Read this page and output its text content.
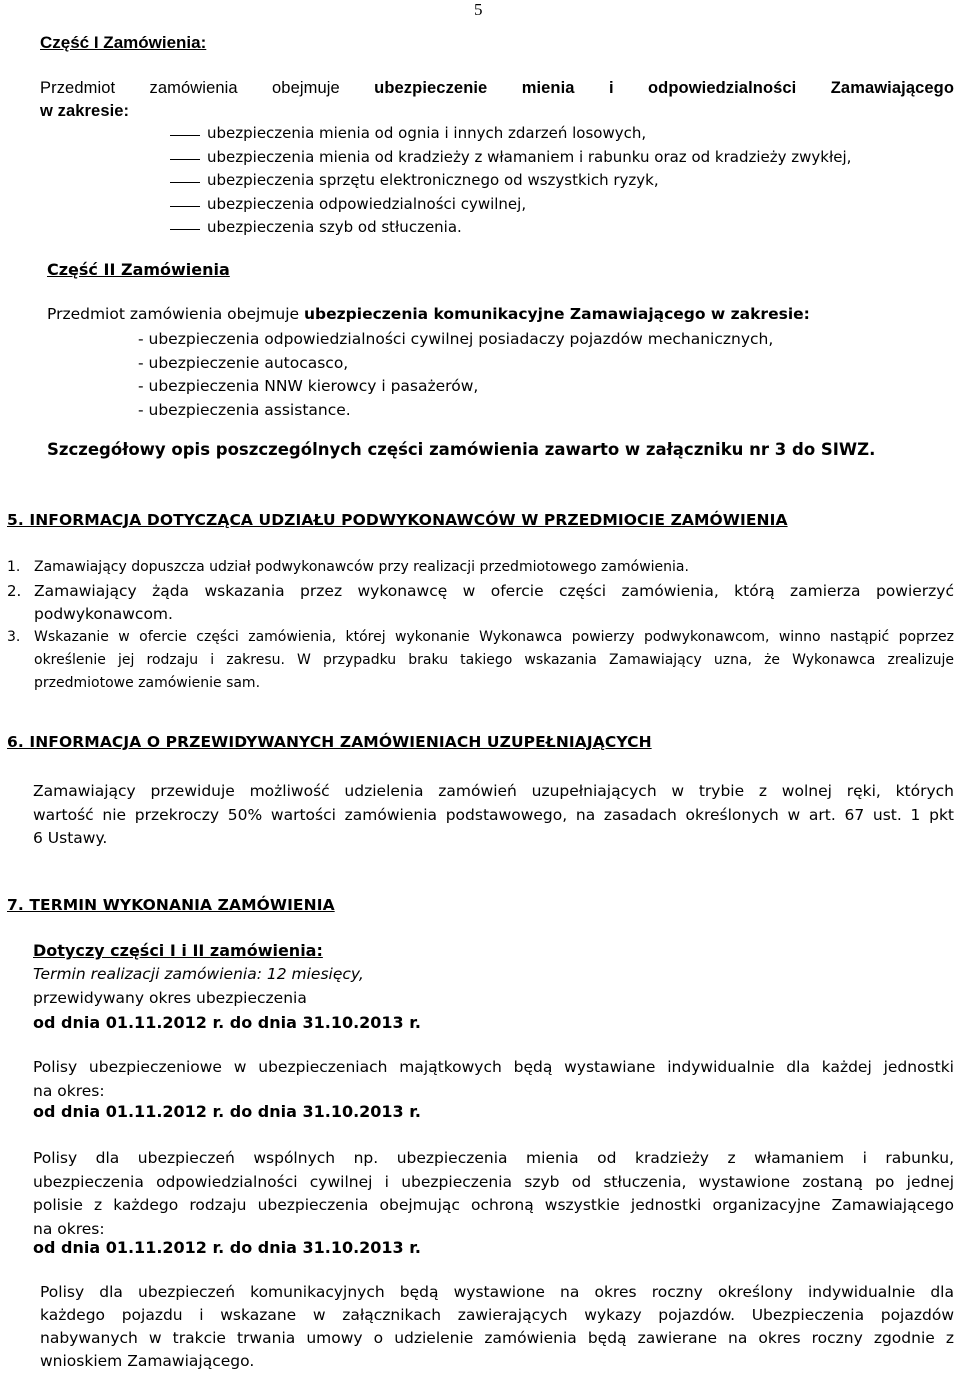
5
Część I Zamówienia:
Przedmiot zamówienia obejmuje ubezpieczenie mienia i odpowiedzialności Zamawiającego
w zakresie:
ubezpieczenia mienia od ognia i innych zdarzeń losowych,
ubezpieczenia mienia od kradzieży z włamaniem i rabunku oraz od kradzieży zwykłej,
ubezpieczenia sprzętu elektronicznego od wszystkich ryzyk,
ubezpieczenia odpowiedzialności cywilnej,
ubezpieczenia szyb od stłuczenia.
Część II Zamówienia
Przedmiot zamówienia obejmuje ubezpieczenia komunikacyjne Zamawiającego w zakresie:
- ubezpieczenia odpowiedzialności cywilnej posiadaczy pojazdów mechanicznych,
- ubezpieczenie autocasco,
- ubezpieczenia NNW kierowcy i pasażerów,
- ubezpieczenia assistance.
Szczegółowy opis poszczególnych części zamówienia zawarto w załączniku nr 3 do SIWZ.
5. INFORMACJA DOTYCZĄCA UDZIAŁU PODWYKONAWCÓW W PRZEDMIOCIE ZAMÓWIENIA
1. Zamawiający dopuszcza udział podwykonawców przy realizacji przedmiotowego zamówienia.
2. Zamawiający żąda wskazania przez wykonawcę w ofercie części zamówienia, którą zamierza powierzyć
podwykonawcom.
3. Wskazanie w ofercie części zamówienia, której wykonanie Wykonawca powierzy podwykonawcom, winno nastąpić poprzez
określenie jej rodzaju i zakresu. W przypadku braku takiego wskazania Zamawiający uzna, że Wykonawca zrealizuje
przedmiotowe zamówienie sam.
6. INFORMACJA O PRZEWIDYWANYCH ZAMÓWIENIACH UZUPEŁNIAJĄCYCH
Zamawiający przewiduje możliwość udzielenia zamówień uzupełniających w trybie z wolnej ręki, których
wartość nie przekroczy 50% wartości zamówienia podstawowego, na zasadach określonych w art. 67 ust. 1 pkt
6 Ustawy.
7. TERMIN WYKONANIA ZAMÓWIENIA
Dotyczy części I i II zamówienia:
Termin realizacji zamówienia: 12 miesięcy,
przewidywany okres ubezpieczenia
od dnia 01.11.2012 r. do dnia 31.10.2013 r.
Polisy ubezpieczeniowe w ubezpieczeniach majątkowych będą wystawiane indywidualnie dla każdej jednostki
na okres:
od dnia 01.11.2012 r. do dnia 31.10.2013 r.
Polisy dla ubezpieczeń wspólnych np. ubezpieczenia mienia od kradzieży z włamaniem i rabunku,
ubezpieczenia odpowiedzialności cywilnej i ubezpieczenia szyb od stłuczenia, wystawione zostaną po jednej
polisie z każdego rodzaju ubezpieczenia obejmując ochroną wszystkie jednostki organizacyjne Zamawiającego
na okres:
od dnia 01.11.2012 r. do dnia 31.10.2013 r.
Polisy dla ubezpieczeń komunikacyjnych będą wystawione na okres roczny określony indywidualnie dla
każdego pojazdu i wskazane w załącznikach zawierających wykazy pojazdów. Ubezpieczenia pojazdów
nabywanych w trakcie trwania umowy o udzielenie zamówienia będą zawierane na okres roczny zgodnie z
wnioskiem Zamawiającego.
